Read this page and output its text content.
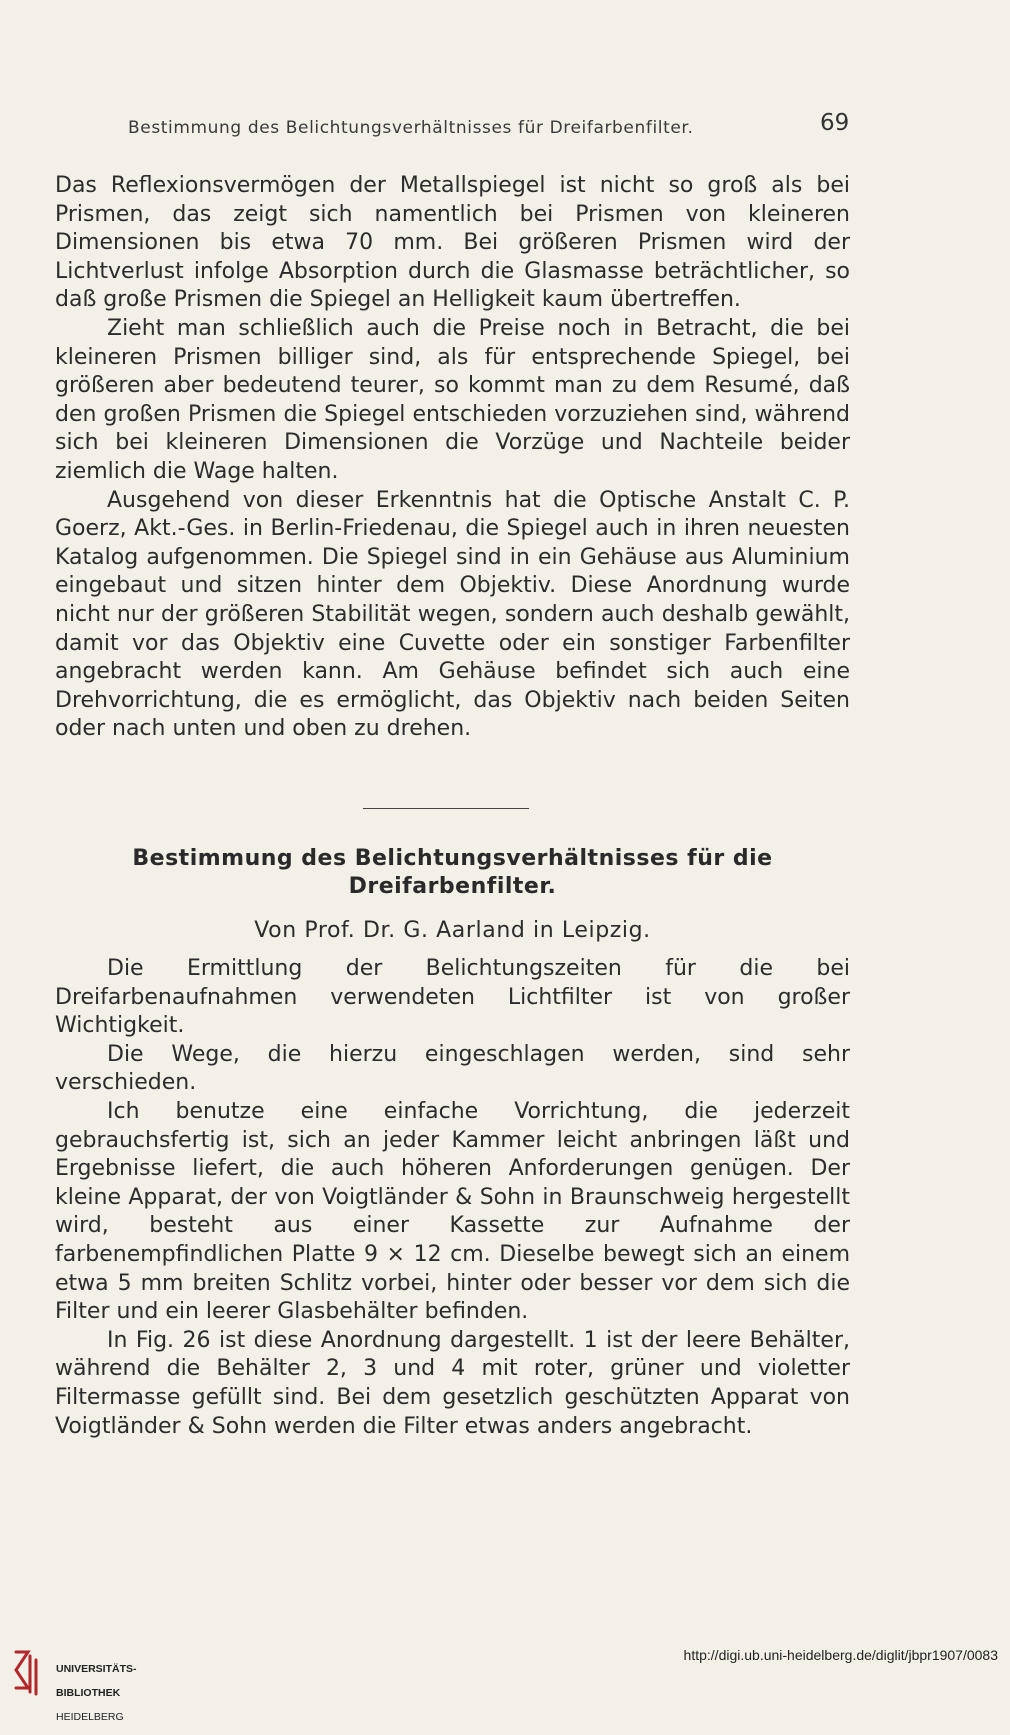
Bestimmung des Belichtungsverhältnisses für Dreifarbenfilter.	69

Das Reflexionsvermögen der Metallspiegel ist nicht so groß als bei Prismen, das zeigt sich namentlich bei Prismen von kleineren Dimensionen bis etwa 70 mm. Bei größeren Prismen wird der Lichtverlust infolge Absorption durch die Glasmasse beträchtlicher, so daß große Prismen die Spiegel an Helligkeit kaum übertreffen.

Zieht man schließlich auch die Preise noch in Betracht, die bei kleineren Prismen billiger sind, als für entsprechende Spiegel, bei größeren aber bedeutend teurer, so kommt man zu dem Resumé, daß den großen Prismen die Spiegel entschieden vorzuziehen sind, während sich bei kleineren Dimensionen die Vorzüge und Nachteile beider ziemlich die Wage halten.

Ausgehend von dieser Erkenntnis hat die Optische Anstalt C. P. Goerz, Akt.-Ges. in Berlin-Friedenau, die Spiegel auch in ihren neuesten Katalog aufgenommen. Die Spiegel sind in ein Gehäuse aus Aluminium eingebaut und sitzen hinter dem Objektiv. Diese Anordnung wurde nicht nur der größeren Stabilität wegen, sondern auch deshalb gewählt, damit vor das Objektiv eine Cuvette oder ein sonstiger Farbenfilter angebracht werden kann. Am Gehäuse befindet sich auch eine Drehvorrichtung, die es ermöglicht, das Objektiv nach beiden Seiten oder nach unten und oben zu drehen.

Bestimmung des Belichtungsverhältnisses für die Dreifarbenfilter.
Von Prof. Dr. G. Aarland in Leipzig.

Die Ermittlung der Belichtungszeiten für die bei Dreifarbenaufnahmen verwendeten Lichtfilter ist von großer Wichtigkeit.

Die Wege, die hierzu eingeschlagen werden, sind sehr verschieden.

Ich benutze eine einfache Vorrichtung, die jederzeit gebrauchsfertig ist, sich an jeder Kammer leicht anbringen läßt und Ergebnisse liefert, die auch höheren Anforderungen genügen. Der kleine Apparat, der von Voigtländer & Sohn in Braunschweig hergestellt wird, besteht aus einer Kassette zur Aufnahme der farbenempfindlichen Platte 9 × 12 cm. Dieselbe bewegt sich an einem etwa 5 mm breiten Schlitz vorbei, hinter oder besser vor dem sich die Filter und ein leerer Glasbehälter befinden.

In Fig. 26 ist diese Anordnung dargestellt. 1 ist der leere Behälter, während die Behälter 2, 3 und 4 mit roter, grüner und violetter Filtermasse gefüllt sind. Bei dem gesetzlich geschützten Apparat von Voigtländer & Sohn werden die Filter etwas anders angebracht.

UNIVERSITÄTS-

BIBLIOTHEK

HEIDELBERG

http://digi.ub.uni-heidelberg.de/diglit/jbpr1907/0083
